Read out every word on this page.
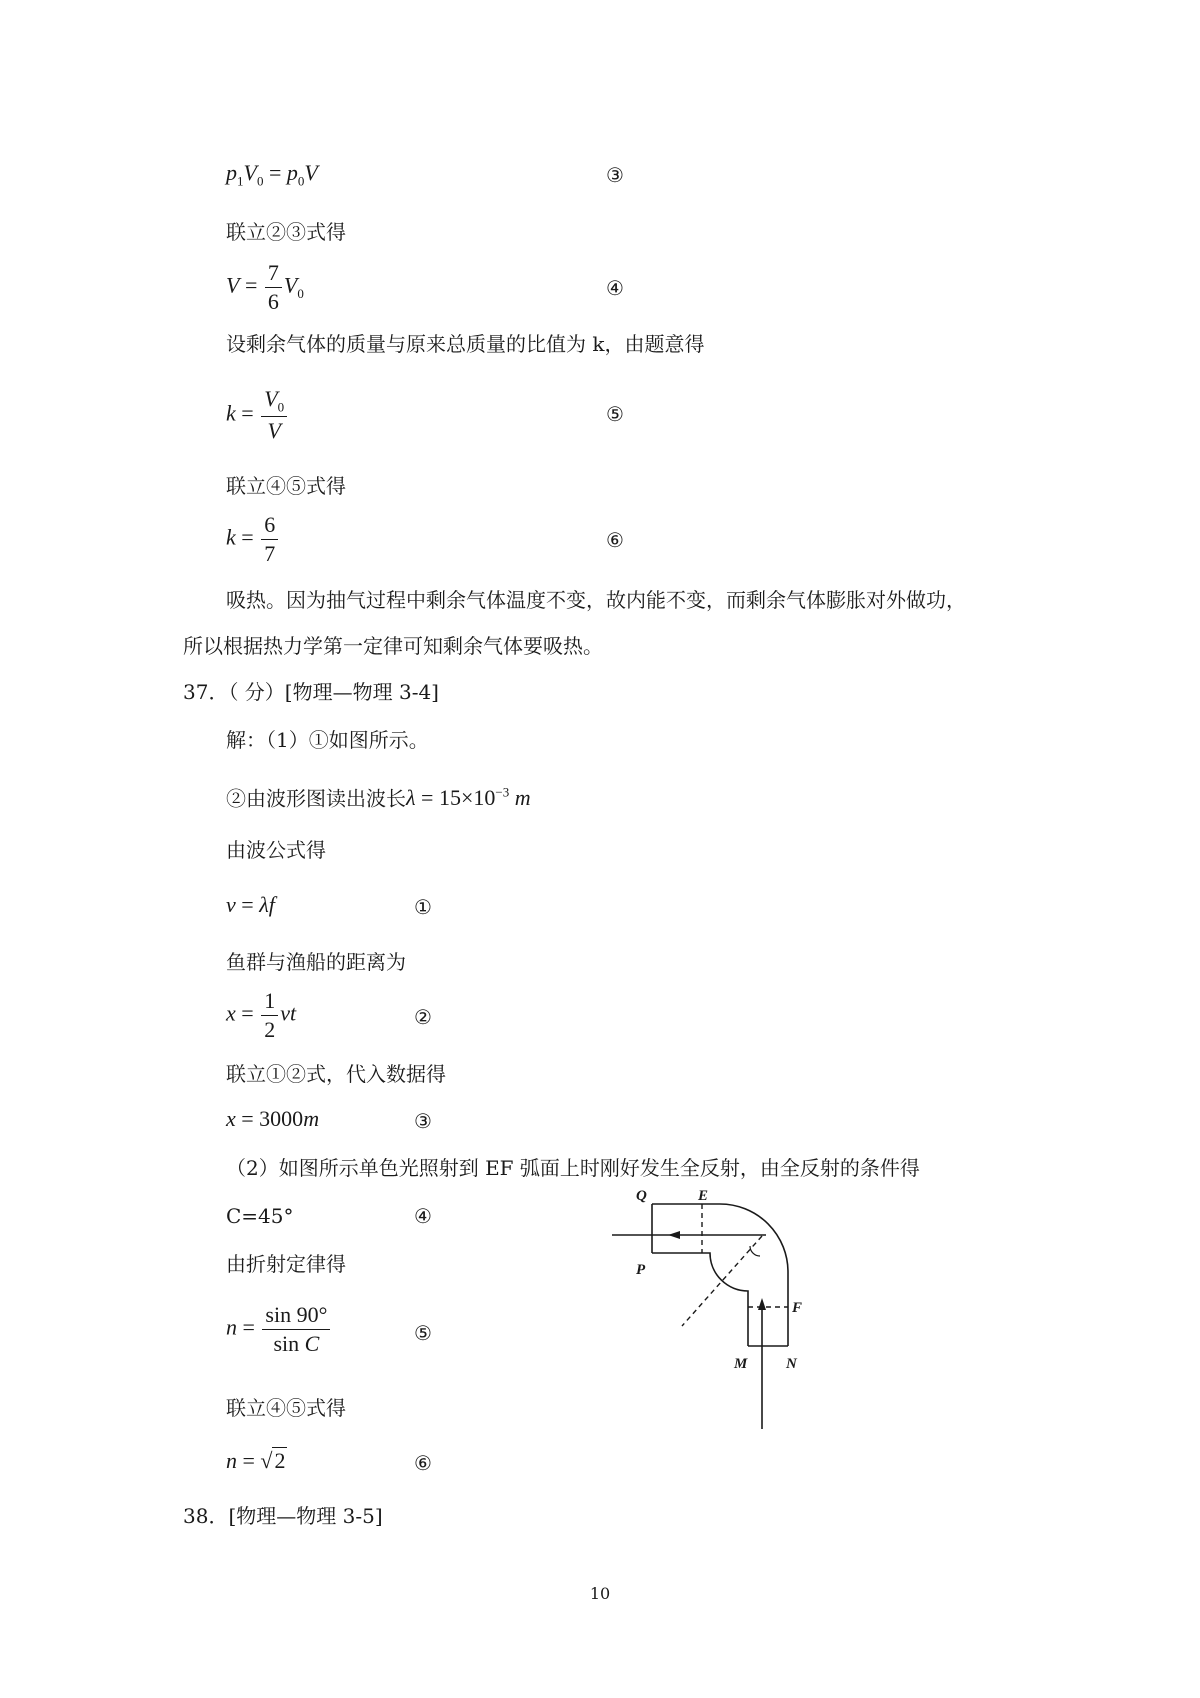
$p_1V_0 = p_0V$	③
联立②③式得
$V = \frac{7}{6} V_0$	④
设剩余气体的质量与原来总质量的比值为 k，由题意得
$k = \frac{V_0}{V}$	⑤
联立④⑤式得
$k = \frac{6}{7}$	⑥
吸热。因为抽气过程中剩余气体温度不变，故内能不变，而剩余气体膨胀对外做功，
所以根据热力学第一定律可知剩余气体要吸热。
37．（ 分）[物理—物理 3-4]
解：（1）①如图所示。
②由波形图读出波长$\lambda = 15\times 10^{-3}$ m
由波公式得
v = λf	①
鱼群与渔船的距离为
$x = \frac{1}{2}$ vt	②
联立①②式，代入数据得
x = 3000m	③
（2）如图所示单色光照射到 EF 弧面上时刚好发生全反射，由全反射的条件得
C=45°	④
由折射定律得
$n = \frac{\sin 90^\circ}{\text{sin C}}$	⑤
联立④⑤式得
n = √2	⑥
38．[物理—物理 3-5]
Q	E
P
F
M	N
10
